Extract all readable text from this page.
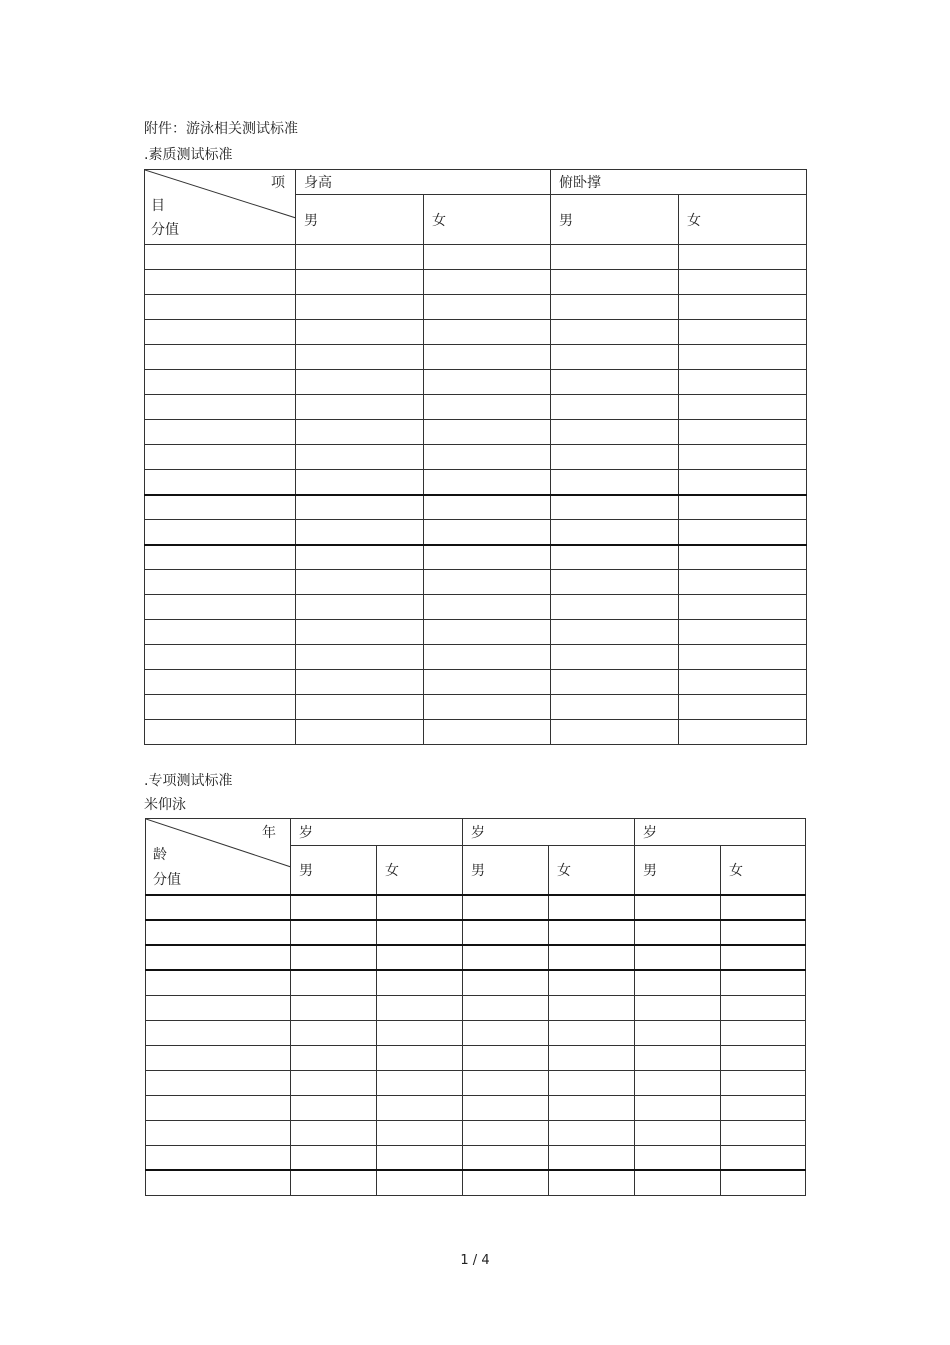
附件：游泳相关测试标准
.素质测试标准
项
目
分值	身高		俯卧撑	
	男	女	男	女

.专项测试标准
米仰泳
年
龄
分值	岁		岁		岁	
	男	女	男	女	男	女

1 / 4
